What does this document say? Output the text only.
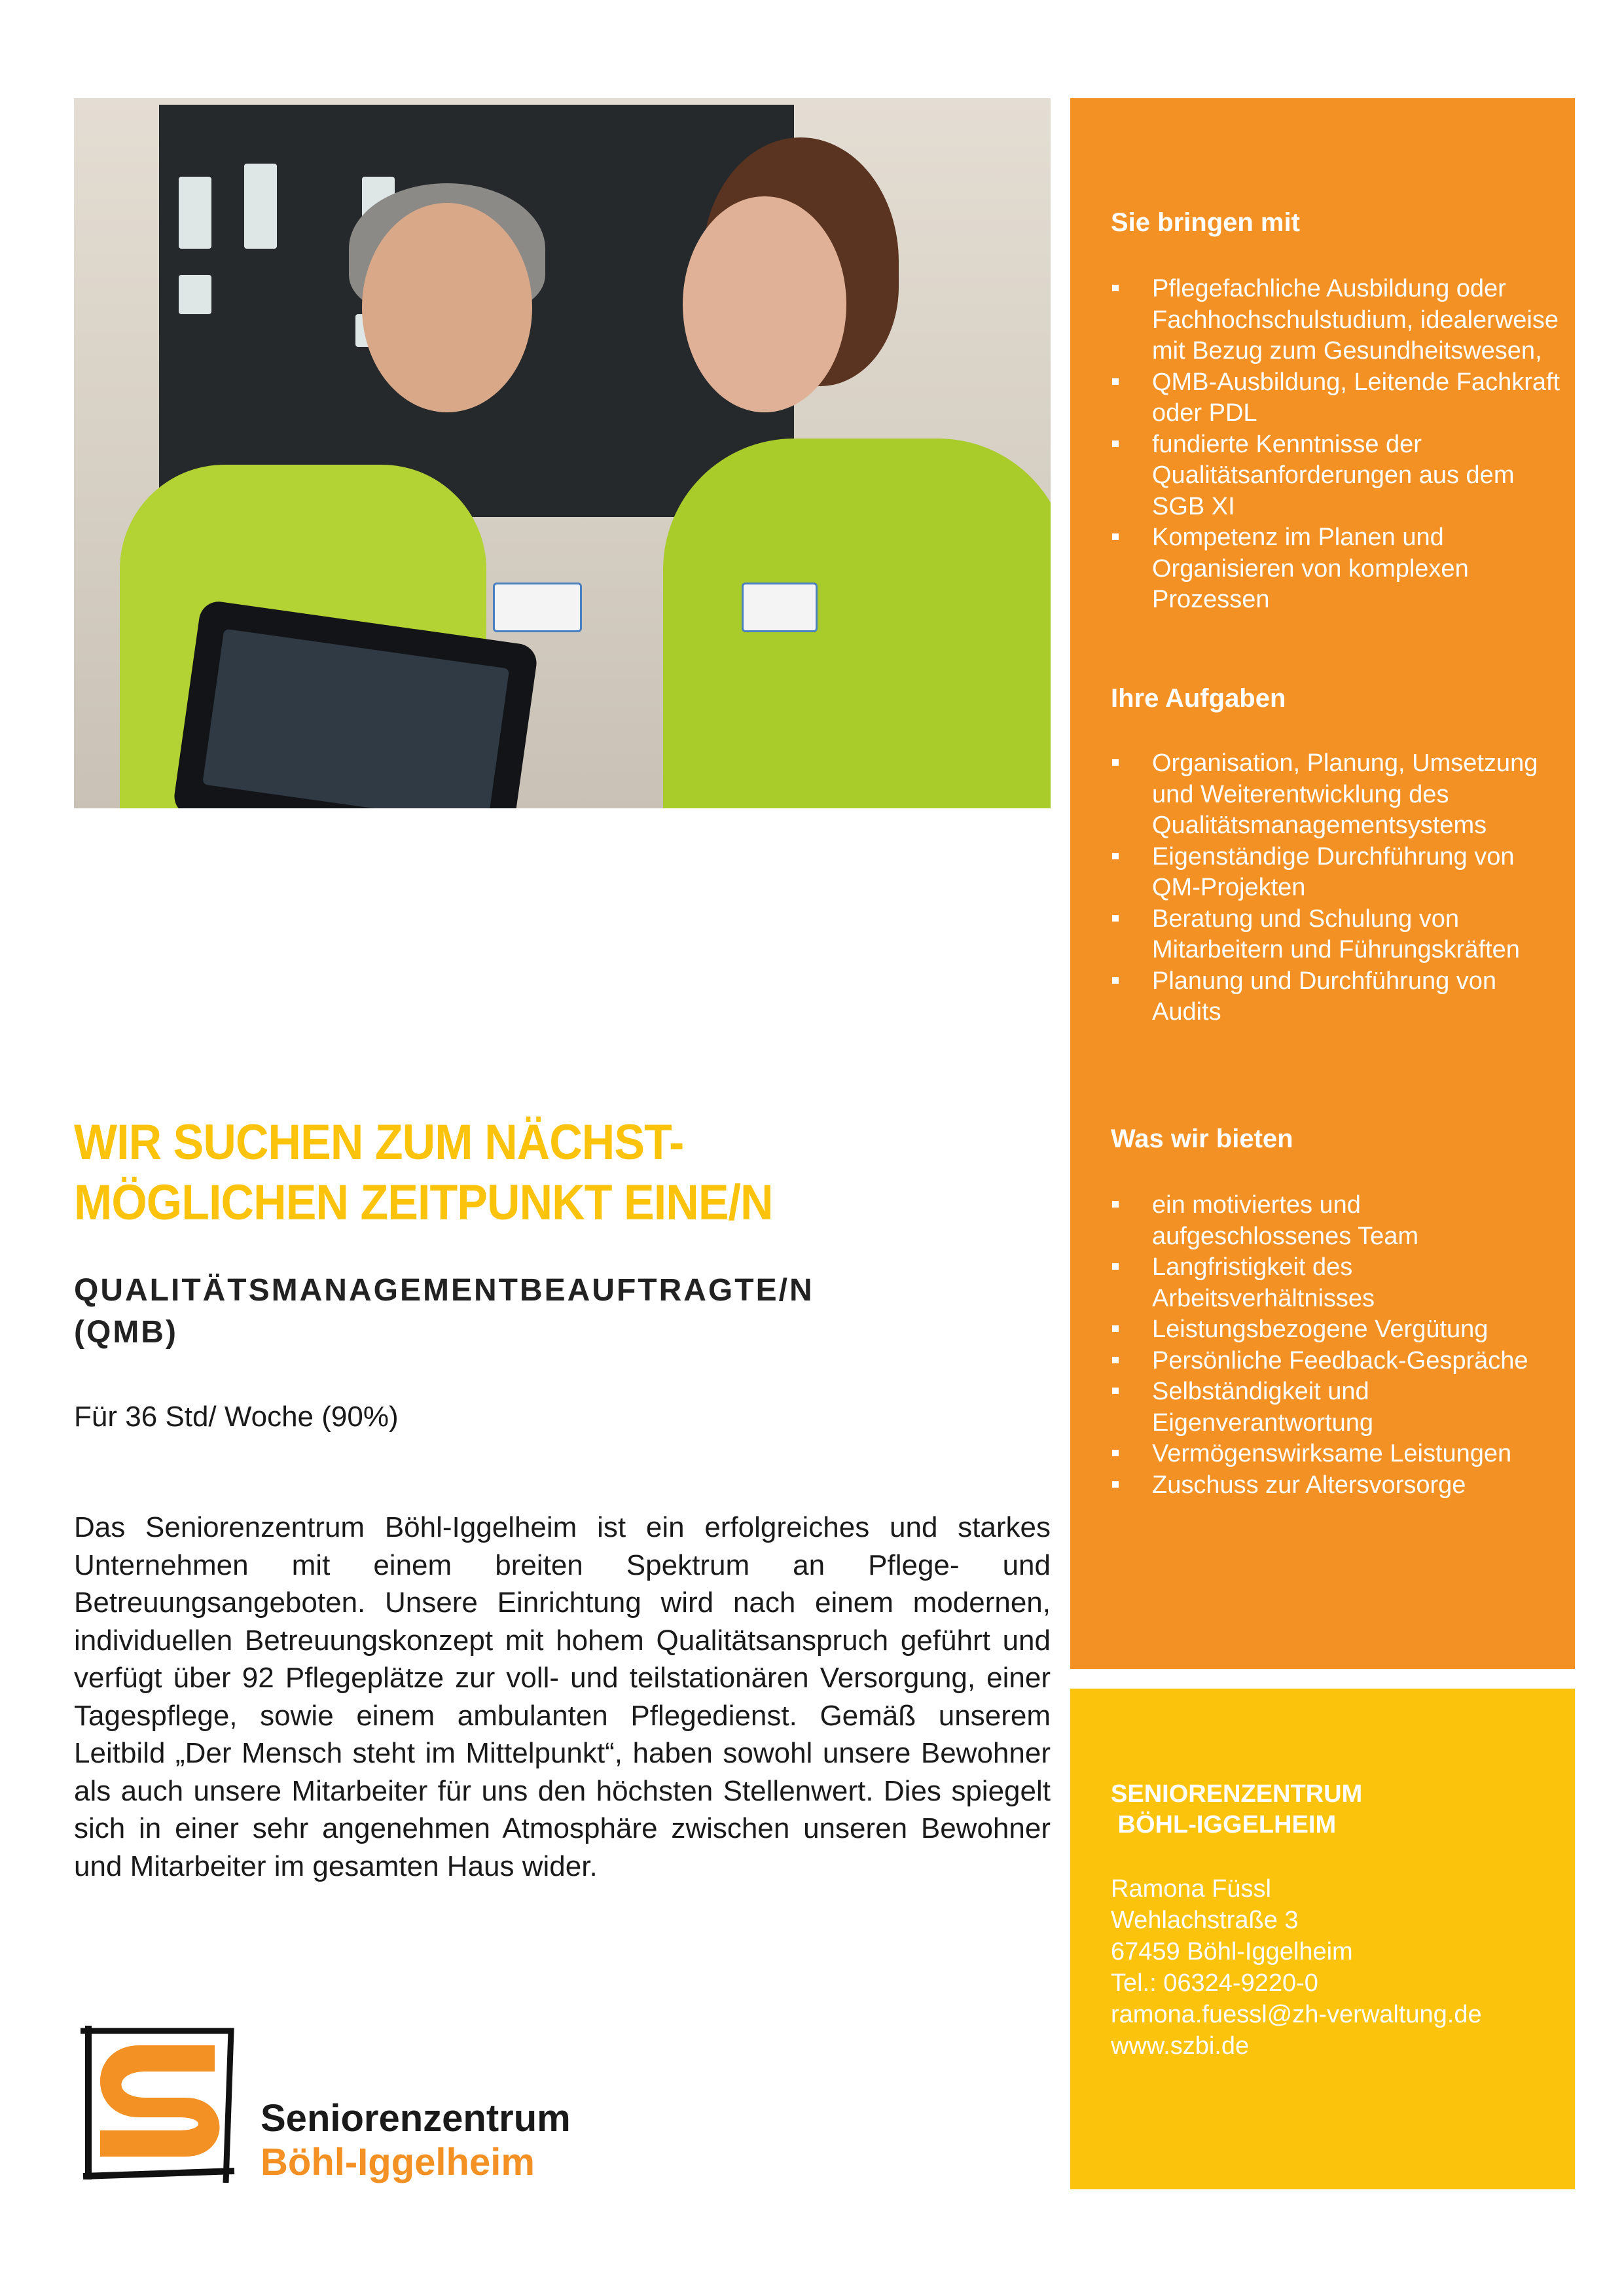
Sie bringen mit
Pflegefachliche Ausbildung oder Fachhochschulstudium, idealerweise mit Bezug zum Gesundheitswesen,
QMB-Ausbildung, Leitende Fachkraft oder PDL
fundierte Kenntnisse der Qualitätsanforderungen aus dem SGB XI
Kompetenz im Planen und Organisieren von komplexen Prozessen
Ihre Aufgaben
Organisation, Planung, Umsetzung und Weiterentwicklung des Qualitätsmanagementsystems
Eigenständige Durchführung von QM-Projekten
Beratung und Schulung von Mitarbeitern und Führungskräften
Planung und Durchführung von Audits
Was wir bieten
ein motiviertes und aufgeschlossenes Team
Langfristigkeit des Arbeitsverhältnisses
Leistungsbezogene Vergütung
Persönliche Feedback-Gespräche
Selbständigkeit und Eigenverantwortung
Vermögenswirksame Leistungen
Zuschuss zur Altersvorsorge
SENIORENZENTRUM
BÖHL-IGGELHEIM
Ramona Füssl
Wehlachstraße 3
67459 Böhl-Iggelheim
Tel.: 06324-9220-0
ramona.fuessl@zh-verwaltung.de
www.szbi.de
WIR SUCHEN ZUM NÄCHST-
MÖGLICHEN ZEITPUNKT EINE/N
QUALITÄTSMANAGEMENTBEAUFTRAGTE/N
(QMB)

Für 36 Std/ Woche (90%)

Das Seniorenzentrum Böhl-Iggelheim ist ein erfolgreiches und starkes Unternehmen mit einem breiten Spektrum an Pflege- und Betreuungsangeboten. Unsere Einrichtung wird nach einem modernen, individuellen Betreuungskonzept mit hohem Qualitätsanspruch geführt und verfügt über 92 Pflegeplätze zur voll- und teilstationären Versorgung, einer Tagespflege, sowie einem ambulanten Pflegedienst. Gemäß unserem Leitbild „Der Mensch steht im Mittelpunkt“, haben sowohl unsere Bewohner als auch unsere Mitarbeiter für uns den höchsten Stellenwert. Dies spiegelt sich in einer sehr angenehmen Atmosphäre zwischen unseren Bewohner und Mitarbeiter im gesamten Haus wider.

Seniorenzentrum
Böhl-Iggelheim
